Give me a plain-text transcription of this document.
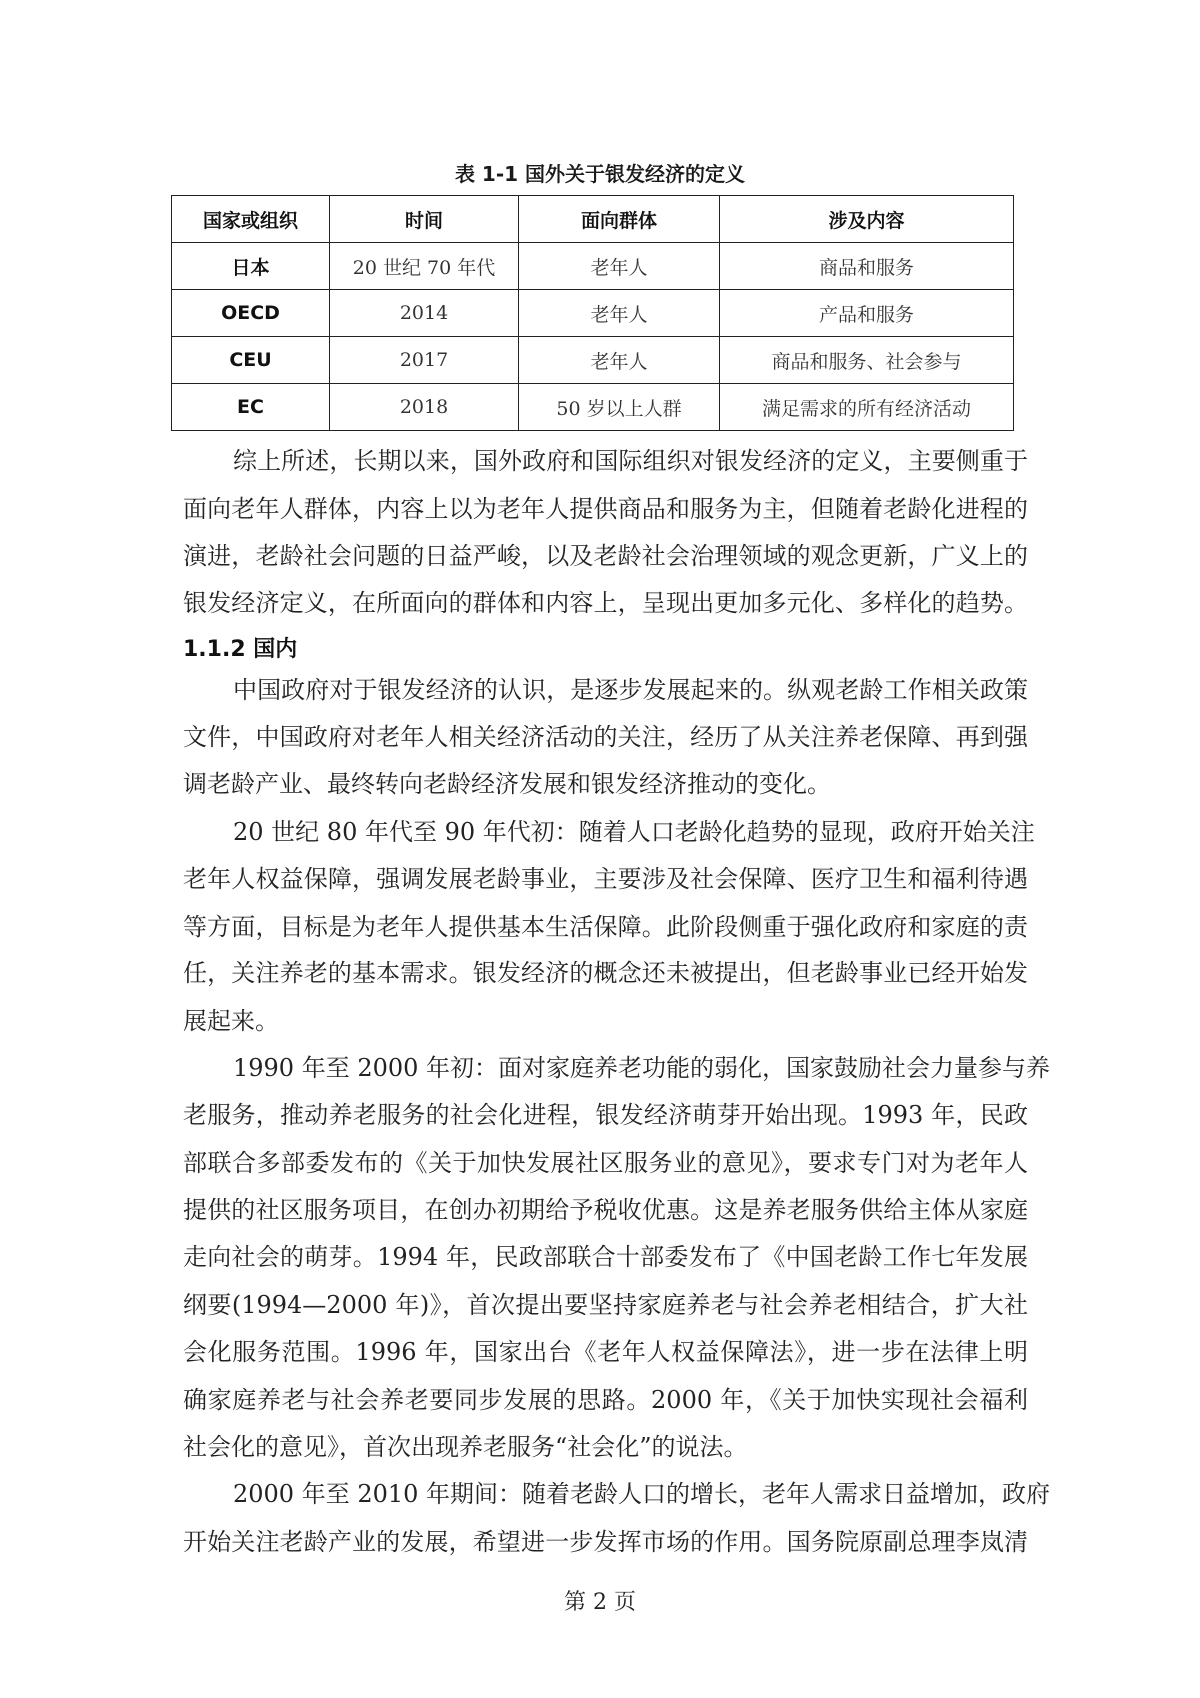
表 1-1 国外关于银发经济的定义
国家或组织	时间	面向群体	涉及内容
日本	20 世纪 70 年代	老年人	商品和服务
OECD	2014	老年人	产品和服务
CEU	2017	老年人	商品和服务、社会参与
EC	2018	50 岁以上人群	满足需求的所有经济活动
综上所述，长期以来，国外政府和国际组织对银发经济的定义，主要侧重于
面向老年人群体，内容上以为老年人提供商品和服务为主，但随着老龄化进程的
演进，老龄社会问题的日益严峻，以及老龄社会治理领域的观念更新，广义上的
银发经济定义，在所面向的群体和内容上，呈现出更加多元化、多样化的趋势。
1.1.2 国内
中国政府对于银发经济的认识，是逐步发展起来的。纵观老龄工作相关政策
文件，中国政府对老年人相关经济活动的关注，经历了从关注养老保障、再到强
调老龄产业、最终转向老龄经济发展和银发经济推动的变化。
20 世纪 80 年代至 90 年代初：随着人口老龄化趋势的显现，政府开始关注
老年人权益保障，强调发展老龄事业，主要涉及社会保障、医疗卫生和福利待遇
等方面，目标是为老年人提供基本生活保障。此阶段侧重于强化政府和家庭的责
任，关注养老的基本需求。银发经济的概念还未被提出，但老龄事业已经开始发
展起来。
1990 年至 2000 年初：面对家庭养老功能的弱化，国家鼓励社会力量参与养
老服务，推动养老服务的社会化进程，银发经济萌芽开始出现。1993 年，民政
部联合多部委发布的《关于加快发展社区服务业的意见》，要求专门对为老年人
提供的社区服务项目，在创办初期给予税收优惠。这是养老服务供给主体从家庭
走向社会的萌芽。1994 年，民政部联合十部委发布了《中国老龄工作七年发展
纲要(1994—2000 年)》，首次提出要坚持家庭养老与社会养老相结合，扩大社
会化服务范围。1996 年，国家出台《老年人权益保障法》，进一步在法律上明
确家庭养老与社会养老要同步发展的思路。2000 年，《关于加快实现社会福利
社会化的意见》，首次出现养老服务“社会化”的说法。
2000 年至 2010 年期间：随着老龄人口的增长，老年人需求日益增加，政府
开始关注老龄产业的发展，希望进一步发挥市场的作用。国务院原副总理李岚清
第 2 页
